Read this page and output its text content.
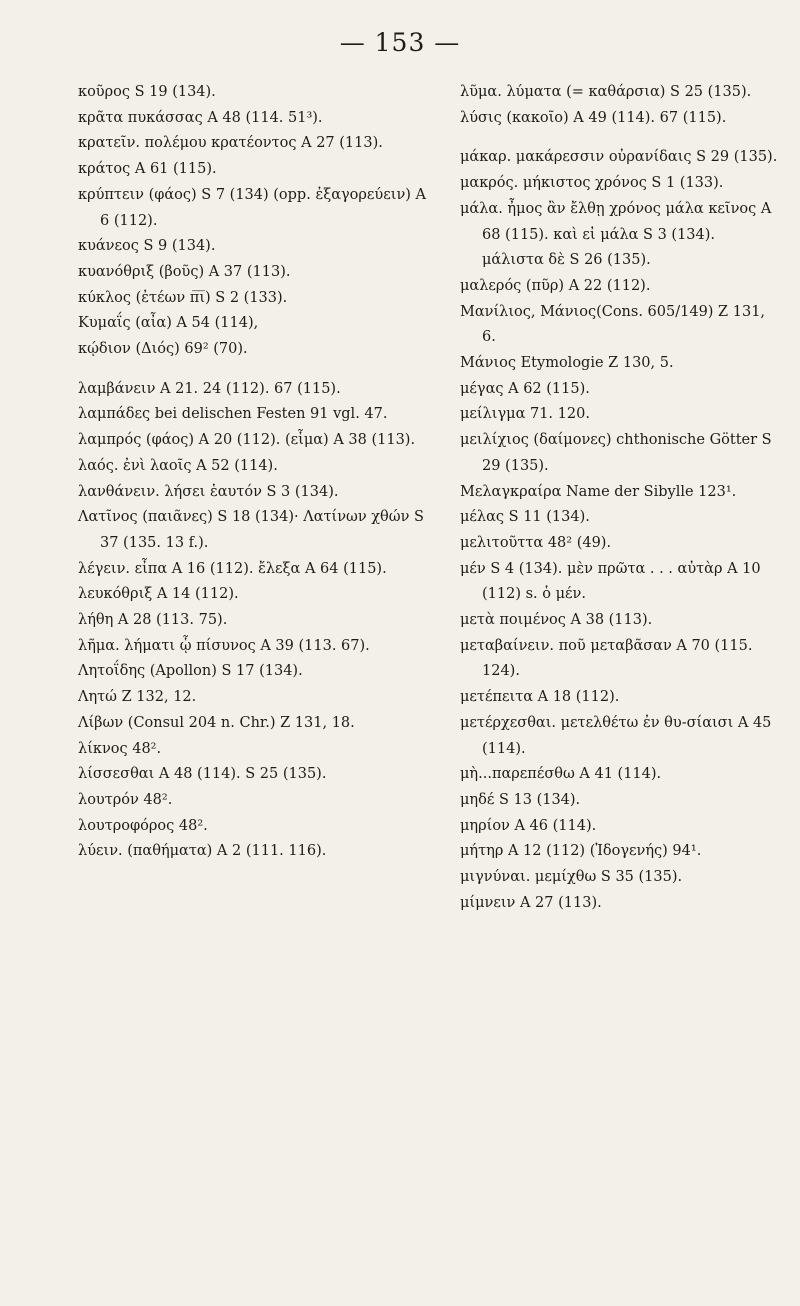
— 153 —
κοῦρος S 19 (134).
κρᾶτα πυκάσσας A 48 (114. 51³).
κρατεῖν. πολέμου κρατέοντος A 27 (113).
κράτος A 61 (115).
κρύπτειν (φάος) S 7 (134) (opp. ἐξαγορεύειν) A 6 (112).
κυάνεος S 9 (134).
κυανόθριξ (βοῦς) A 37 (113).
κύκλος (ἐτέων π̅ι̅) S 2 (133).
Κυμαΐς (αἶα) A 54 (114),
κῴδιον (Διός) 69² (70).
λαμβάνειν A 21. 24 (112). 67 (115).
λαμπάδες bei delischen Festen 91 vgl. 47.
λαμπρός (φάος) A 20 (112). (εἷμα) A 38 (113).
λαός. ἐνὶ λαοῖς A 52 (114).
λανθάνειν. λήσει ἑαυτόν S 3 (134).
Λατῖνος (παιᾶνες) S 18 (134)· Λατίνων χθών S 37 (135. 13 f.).
λέγειν. εἶπα A 16 (112). ἔλεξα A 64 (115).
λευκόθριξ A 14 (112).
λήθη A 28 (113. 75).
λῆμα. λήματι ᾧ πίσυνος A 39 (113. 67).
Λητοΐδης (Apollon) S 17 (134).
Λητώ Z 132, 12.
Λίβων (Consul 204 n. Chr.) Z 131, 18.
λίκνος 48².
λίσσεσθαι A 48 (114). S 25 (135).
λουτρόν 48².
λουτροφόρος 48².
λύειν. (παθήματα) A 2 (111. 116).
λῦμα. λύματα (= καθάρσια) S 25 (135).
λύσις (κακοῖο) A 49 (114). 67 (115).
μάκαρ. μακάρεσσιν οὐρανίδαις S 29 (135).
μακρός. μήκιστος χρόνος S 1 (133).
μάλα. ἦμος ἂν ἔλθῃ χρόνος μάλα κεῖνος A 68 (115). καὶ εἰ μάλα S 3 (134). μάλιστα δὲ S 26 (135).
μαλερός (πῦρ) A 22 (112).
Μανίλιος, Μάνιος(Cons. 605/149) Z 131, 6.
Μάνιος Etymologie Z 130, 5.
μέγας A 62 (115).
μείλιγμα 71. 120.
μειλίχιος (δαίμονες) chthonische Götter S 29 (135).
Μελαγκραίρα Name der Sibylle 123¹.
μέλας S 11 (134).
μελιτοῦττα 48² (49).
μέν S 4 (134). μὲν πρῶτα . . . αὐτὰρ A 10 (112) s. ὁ μέν.
μετὰ ποιμένος A 38 (113).
μεταβαίνειν. ποῦ μεταβᾶσαν A 70 (115. 124).
μετέπειτα A 18 (112).
μετέρχεσθαι. μετελθέτω ἐν θυ-σίαισι A 45 (114).
μὴ...παρεπέσθω A 41 (114).
μηδέ S 13 (134).
μηρίον A 46 (114).
μήτηρ A 12 (112) (Ἰδογενής) 94¹.
μιγνύναι. μεμίχθω S 35 (135).
μίμνειν A 27 (113).
